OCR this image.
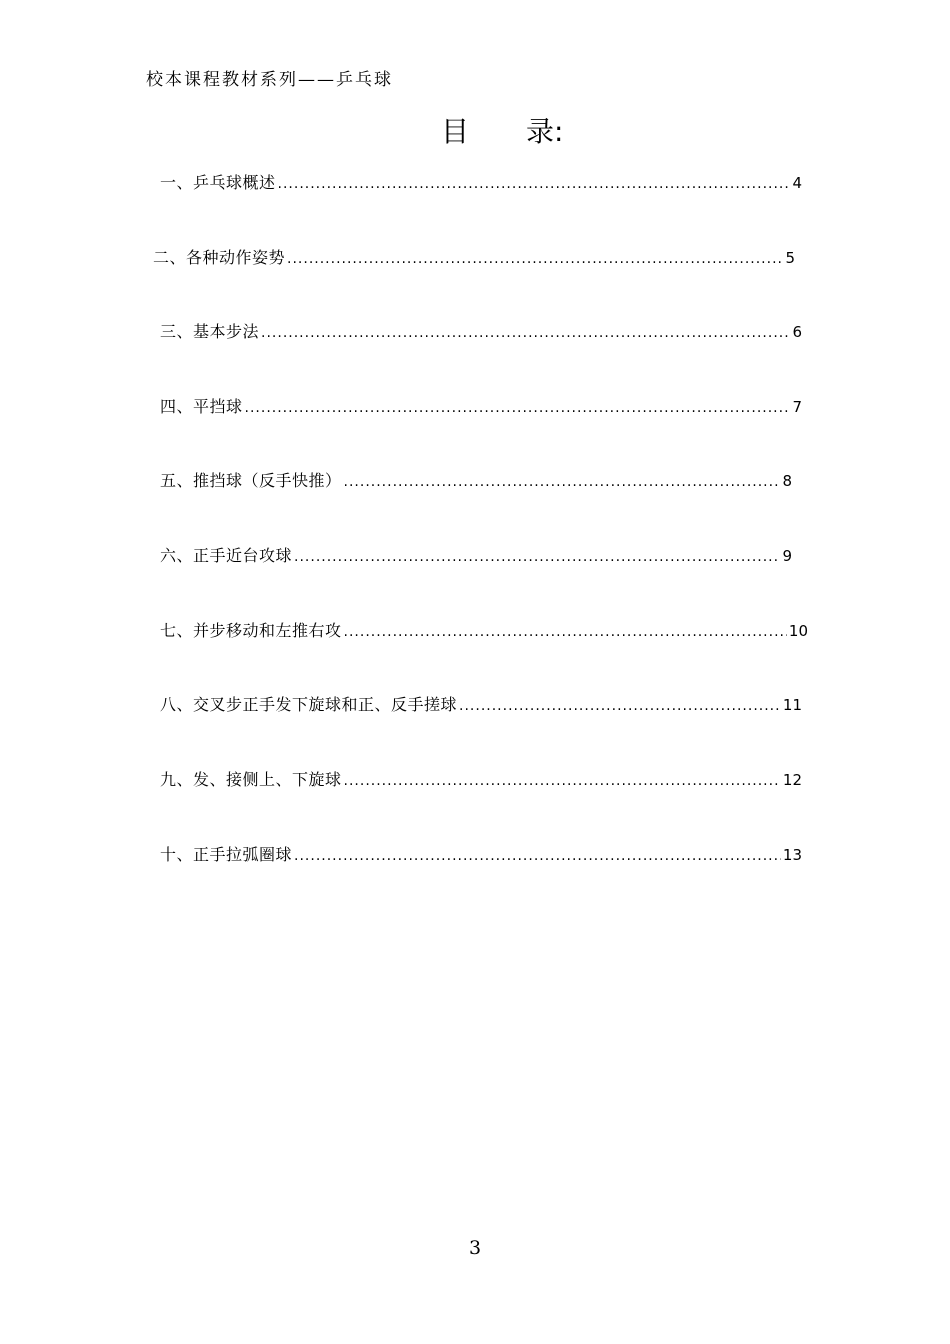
校本课程教材系列——乒乓球
目 录:
一、乒乓球概述 .....	4
二、各种动作姿势 .....	5
三、基本步法 .....	6
四、平挡球 .....	7
五、推挡球（反手快推） .....	8
六、正手近台攻球 .....	9
七、并步移动和左推右攻 .....	10
八、交叉步正手发下旋球和正、反手搓球 .....	11
九、发、接侧上、下旋球 .....	12
十、正手拉弧圈球 .....	13
3
